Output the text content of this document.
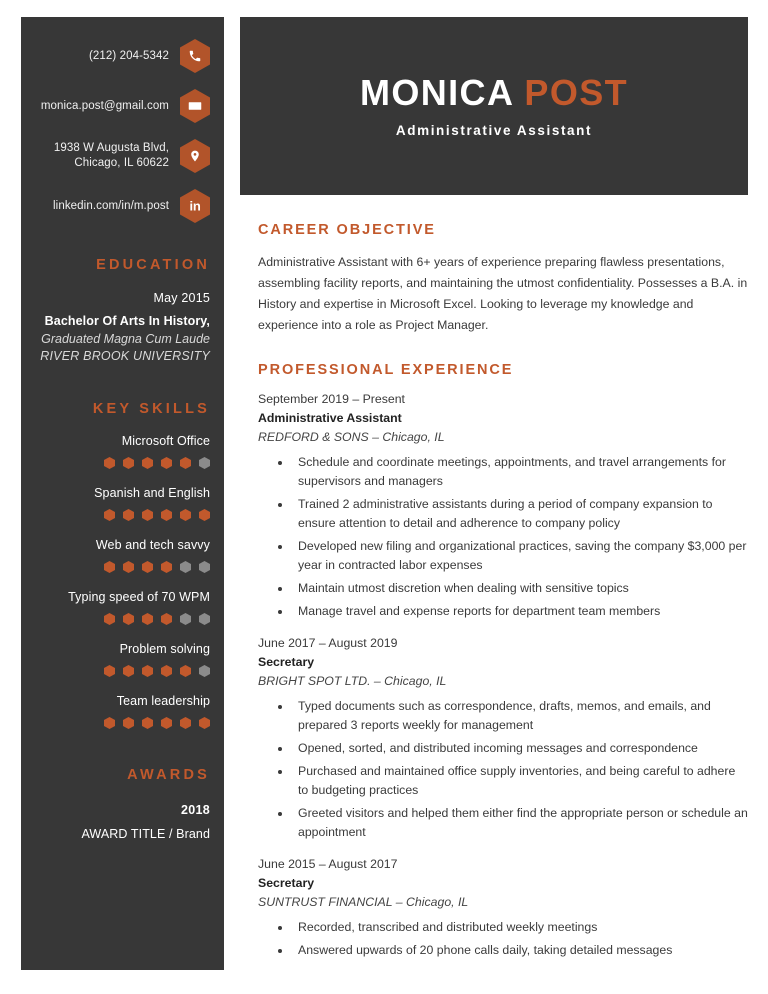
(212) 204-5342
monica.post@gmail.com
1938 W Augusta Blvd,
Chicago, IL 60622
linkedin.com/in/m.post	in
EDUCATION
May 2015
Bachelor Of Arts In History,
Graduated Magna Cum Laude
RIVER BROOK UNIVERSITY
KEY SKILLS
Microsoft Office
Spanish and English
Web and tech savvy
Typing speed of 70 WPM
Problem solving
Team leadership
AWARDS
2018
AWARD TITLE / Brand
MONICA POST
Administrative Assistant
CAREER OBJECTIVE

Administrative Assistant with 6+ years of experience preparing flawless presentations, assembling facility reports, and maintaining the utmost confidentiality. Possesses a B.A. in History and expertise in Microsoft Excel. Looking to leverage my knowledge and experience into a role as Project Manager.

PROFESSIONAL EXPERIENCE
September 2019 – Present
Administrative Assistant
REDFORD & SONS – Chicago, IL
• Schedule and coordinate meetings, appointments, and travel arrangements for supervisors and managers
• Trained 2 administrative assistants during a period of company expansion to ensure attention to detail and adherence to company policy
• Developed new filing and organizational practices, saving the company $3,000 per year in contracted labor expenses
• Maintain utmost discretion when dealing with sensitive topics
• Manage travel and expense reports for department team members
June 2017 – August 2019
Secretary
BRIGHT SPOT LTD. – Chicago, IL
• Typed documents such as correspondence, drafts, memos, and emails, and prepared 3 reports weekly for management
• Opened, sorted, and distributed incoming messages and correspondence
• Purchased and maintained office supply inventories, and being careful to adhere to budgeting practices
• Greeted visitors and helped them either find the appropriate person or schedule an appointment
June 2015 – August 2017
Secretary
SUNTRUST FINANCIAL – Chicago, IL
• Recorded, transcribed and distributed weekly meetings
• Answered upwards of 20 phone calls daily, taking detailed messages
